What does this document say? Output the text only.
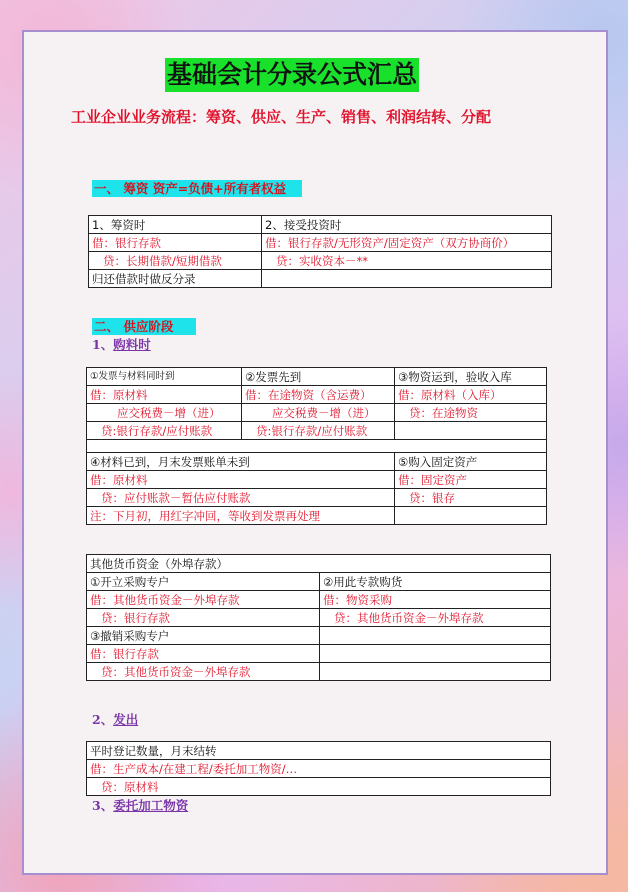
基础会计分录公式汇总
工业企业业务流程：筹资、供应、生产、销售、利润结转、分配
一、 筹资 资产=负债+所有者权益
1、筹资时	2、接受投资时
借：银行存款	借：银行存款/无形资产/固定资产（双方协商价）
贷：长期借款/短期借款	贷：实收资本－**
归还借款时做反分录	
二、 供应阶段
1、购料时
①发票与材料同时到	②发票先到	③物资运到，验收入库
借：原材料	借：在途物资（含运费）	借：原材料（入库）
应交税费－增（进）	应交税费－增（进）	贷：在途物资
贷:银行存款/应付账款	贷:银行存款/应付账款	

④材料已到，月末发票账单未到	⑤购入固定资产
借：原材料	借：固定资产
贷：应付账款－暂估应付账款	贷：银存
注：下月初，用红字冲回，等收到发票再处理	
其他货币资金（外埠存款）	
①开立采购专户	②用此专款购货
借：其他货币资金－外埠存款	借：物资采购
贷：银行存款	贷：其他货币资金－外埠存款
③撤销采购专户	
借：银行存款	
贷：其他货币资金－外埠存款	
2、发出
平时登记数量，月末结转
借：生产成本/在建工程/委托加工物资/…
贷：原材料
3、委托加工物资
